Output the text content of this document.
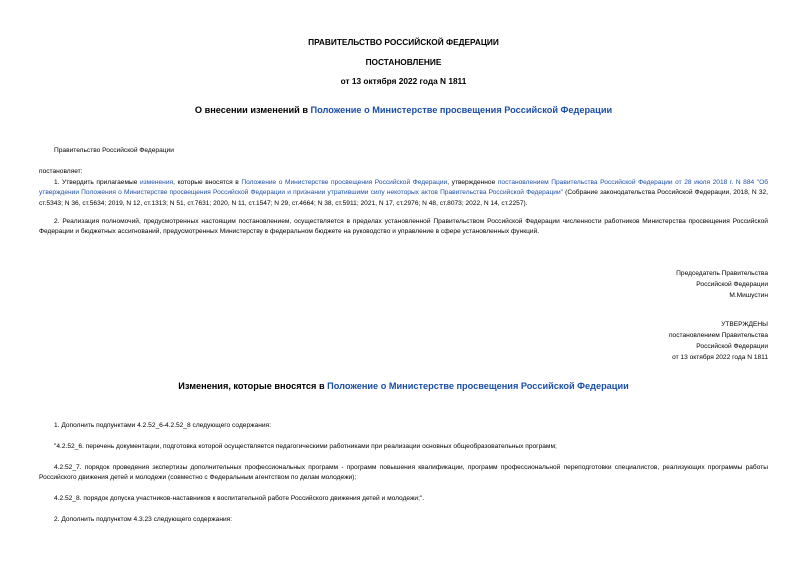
ПРАВИТЕЛЬСТВО РОССИЙСКОЙ ФЕДЕРАЦИИ
ПОСТАНОВЛЕНИЕ
от 13 октября 2022 года N 1811
О внесении изменений в Положение о Министерстве просвещения Российской Федерации
Правительство Российской Федерации
постановляет:
1. Утвердить прилагаемые изменения, которые вносятся в Положение о Министерстве просвещения Российской Федерации, утвержденное постановлением Правительства Российской Федерации от 28 июля 2018 г. N 884 "Об утверждении Положения о Министерстве просвещения Российской Федерации и признании утратившими силу некоторых актов Правительства Российской Федерации" (Собрание законодательства Российской Федерации, 2018, N 32, ст.5343; N 36, ст.5634; 2019, N 12, ст.1313; N 51, ст.7631; 2020, N 11, ст.1547; N 29, ст.4664; N 38, ст.5911; 2021, N 17, ст.2976; N 48, ст.8073; 2022, N 14, ст.2257).
2. Реализация полномочий, предусмотренных настоящим постановлением, осуществляется в пределах установленной Правительством Российской Федерации численности работников Министерства просвещения Российской Федерации и бюджетных ассигнований, предусмотренных Министерству в федеральном бюджете на руководство и управление в сфере установленных функций.
Председатель Правительства
Российской Федерации
М.Мишустин
УТВЕРЖДЕНЫ
постановлением Правительства
Российской Федерации
от 13 октября 2022 года N 1811
Изменения, которые вносятся в Положение о Министерстве просвещения Российской Федерации
1. Дополнить подпунктами 4.2.52_6-4.2.52_8 следующего содержания:
"4.2.52_6. перечень документации, подготовка которой осуществляется педагогическими работниками при реализации основных общеобразовательных программ;
4.2.52_7. порядок проведения экспертизы дополнительных профессиональных программ - программ повышения квалификации, программ профессиональной переподготовки специалистов, реализующих программы работы Российского движения детей и молодежи (совместно с Федеральным агентством по делам молодежи);
4.2.52_8. порядок допуска участников-наставников к воспитательной работе Российского движения детей и молодежи;".
2. Дополнить подпунктом 4.3.23 следующего содержания:
